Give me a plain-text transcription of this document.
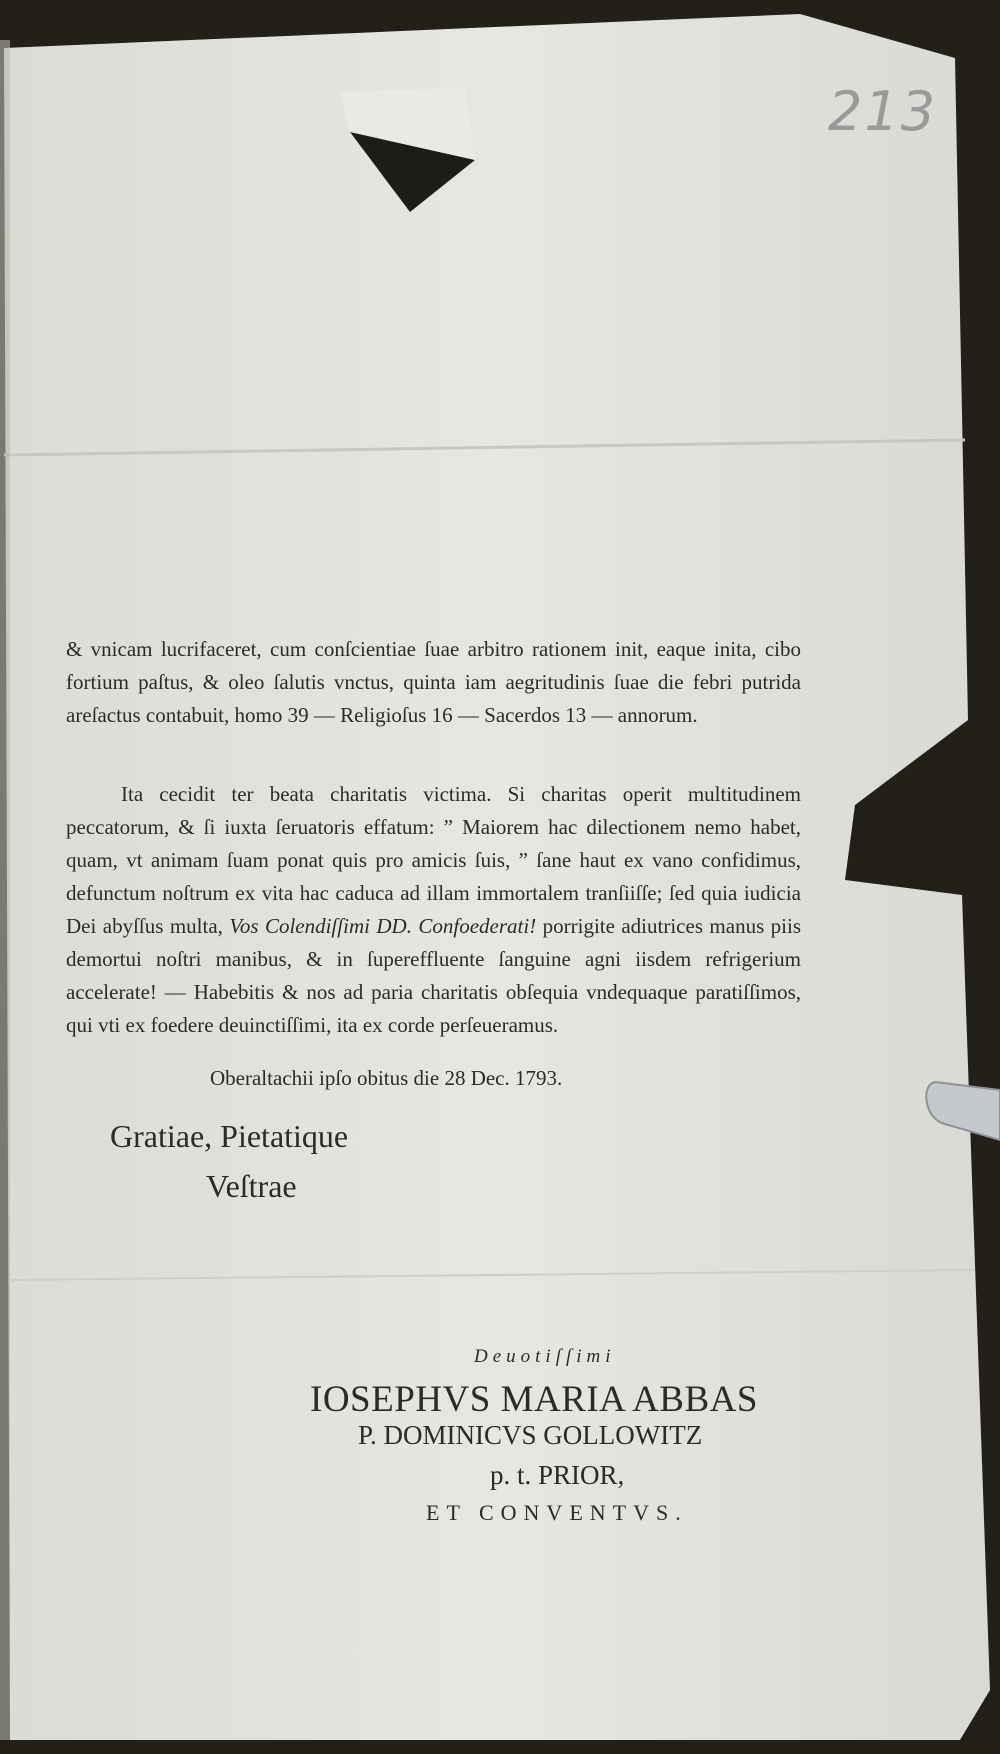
213
& vnicam lucrifaceret, cum conſcientiae ſuae arbitro rationem init, eaque inita, cibo fortium paſtus, & oleo ſalutis vnctus, quinta iam aegritudinis ſuae die febri putrida areſactus contabuit, homo 39 — Religioſus 16 — Sacerdos 13 — annorum.
Ita cecidit ter beata charitatis victima. Si charitas operit multitudinem peccatorum, & ſi iuxta ſeruatoris effatum: ” Maiorem hac dilectionem nemo habet, quam, vt animam ſuam ponat quis pro amicis ſuis, ” ſane haut ex vano confidimus, defunctum noſtrum ex vita hac caduca ad illam immortalem tranſiiſſe; ſed quia iudicia Dei abyſſus multa, Vos Colendiſſimi DD. Confoederati! porrigite adiutrices manus piis demortui noſtri manibus, & in ſupereffluente ſanguine agni iisdem refrigerium accelerate! — Habebitis & nos ad paria charitatis obſequia vndequaque paratiſſimos, qui vti ex foedere deuinctiſſimi, ita ex corde perſeueramus.
Oberaltachii ipſo obitus die 28 Dec. 1793.
Gratiae, Pietatique
Veſtrae
Deuotiſſimi
IOSEPHVS MARIA ABBAS
P. DOMINICVS GOLLOWITZ
p. t. PRIOR,
ET CONVENTVS.
